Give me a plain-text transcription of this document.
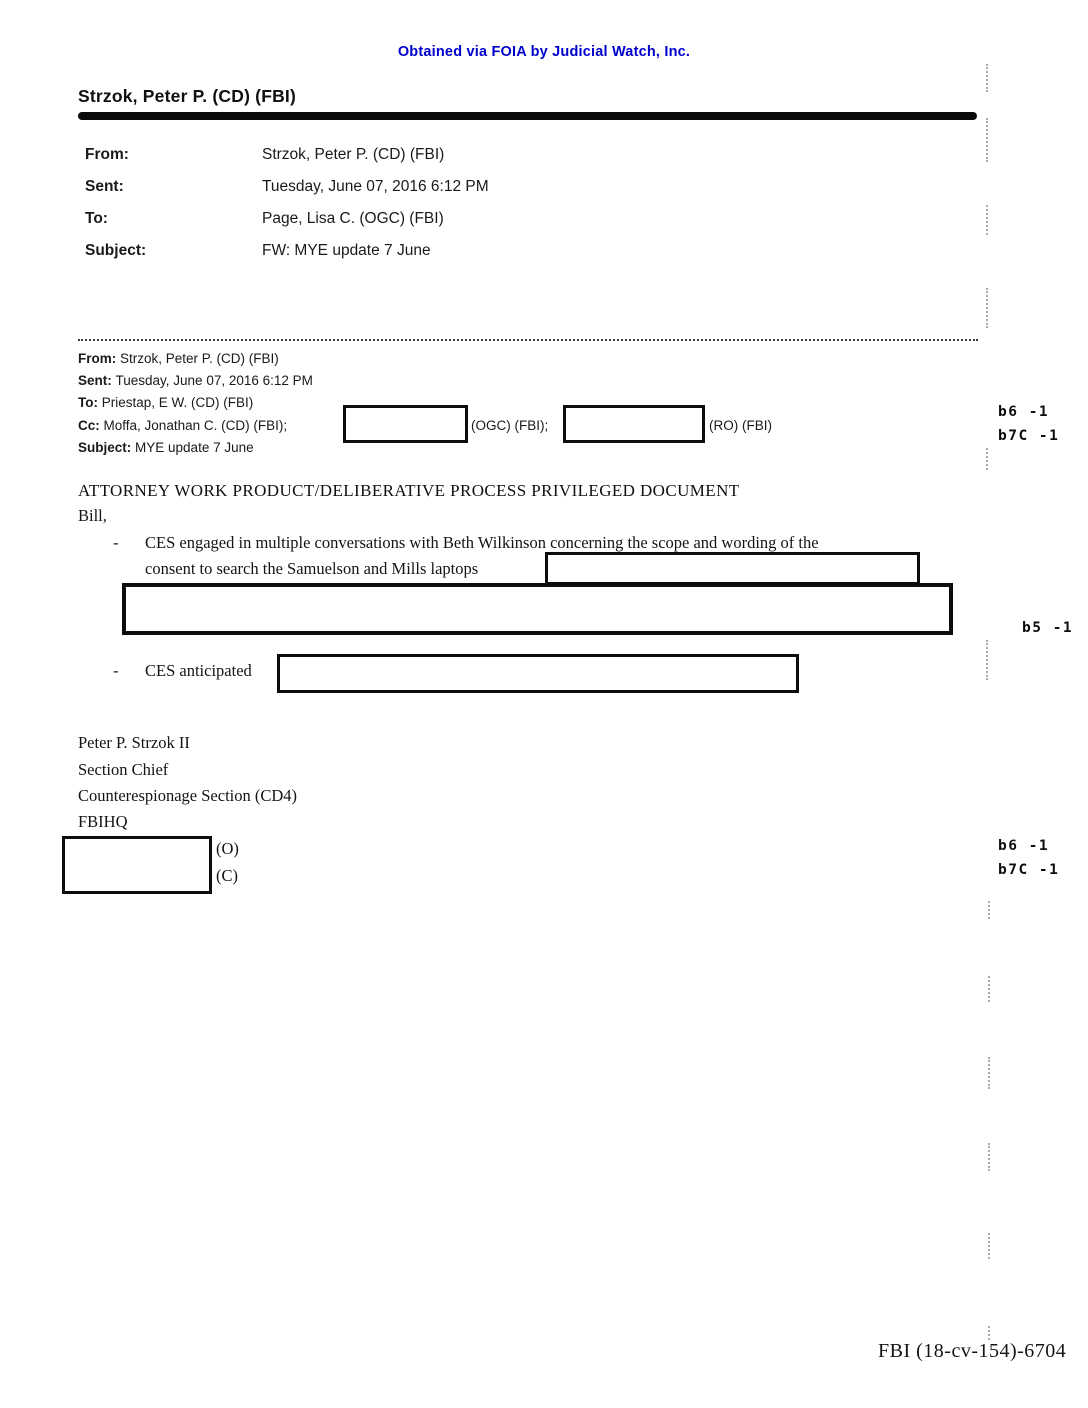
Obtained via FOIA by Judicial Watch, Inc.
Strzok, Peter P. (CD) (FBI)
From:	Strzok, Peter P. (CD) (FBI)
Sent:	Tuesday, June 07, 2016 6:12 PM
To:	Page, Lisa C. (OGC) (FBI)
Subject:	FW: MYE update 7 June
From: Strzok, Peter P. (CD) (FBI)
Sent: Tuesday, June 07, 2016 6:12 PM
To: Priestap, E W. (CD) (FBI)
Cc: Moffa, Jonathan C. (CD) (FBI);	(OGC) (FBI);	(RO) (FBI)
Subject: MYE update 7 June
b6 -1
b7C -1
ATTORNEY WORK PRODUCT/DELIBERATIVE PROCESS PRIVILEGED DOCUMENT
Bill,
- CES engaged in multiple conversations with Beth Wilkinson concerning the scope and wording of the
consent to search the Samuelson and Mills laptops
b5 -1
- CES anticipated
Peter P. Strzok II
Section Chief
Counterespionage Section (CD4)
FBIHQ
(O)
(C)
b6 -1
b7C -1
FBI (18-cv-154)-6704
